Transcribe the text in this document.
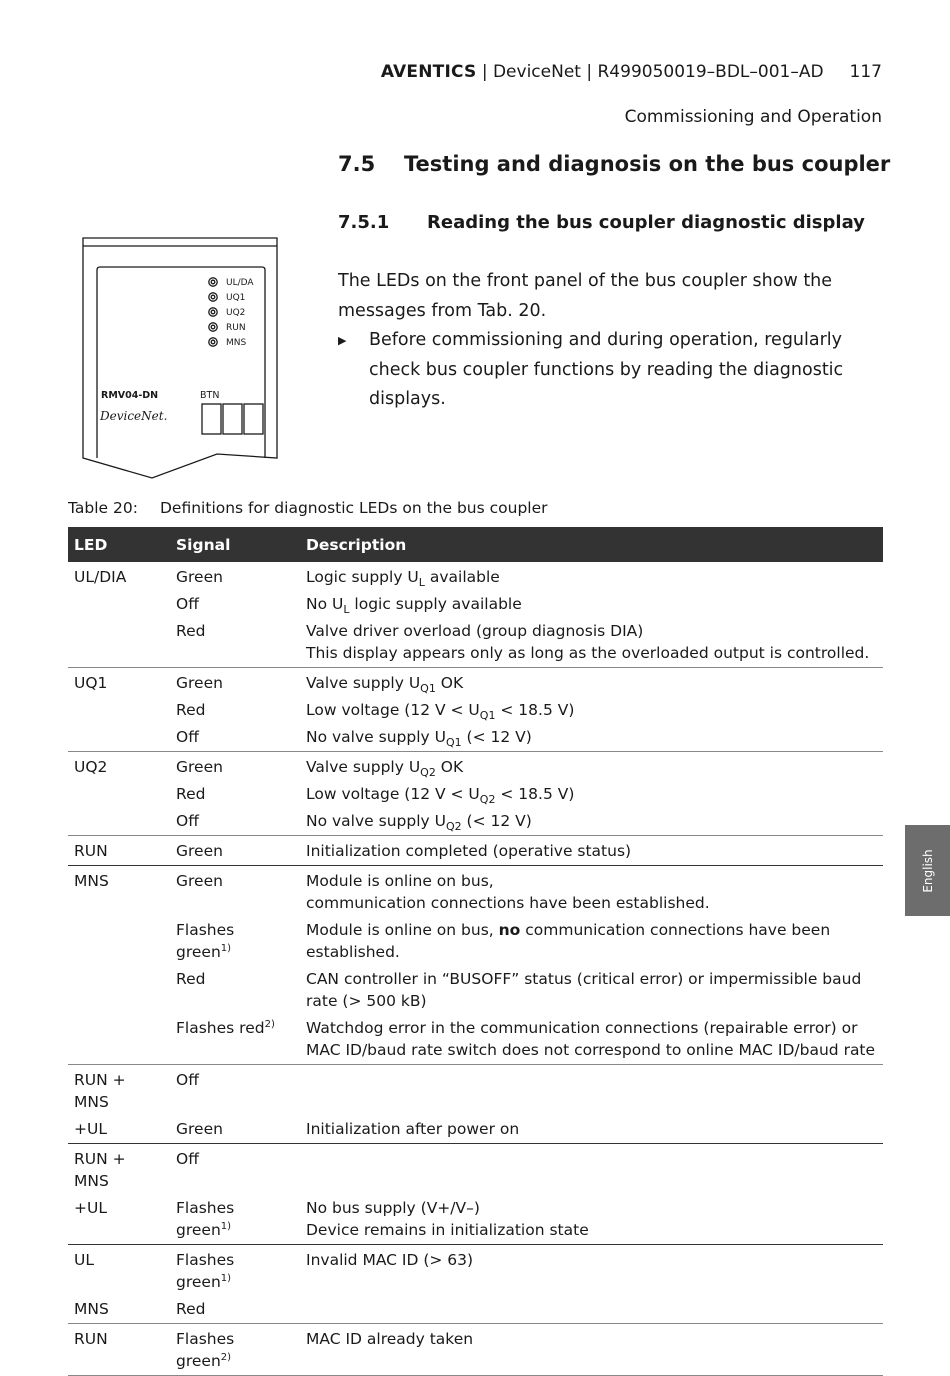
AVENTICS | DeviceNet | R499050019–BDL–001–AD 117
Commissioning and Operation
7.5 Testing and diagnosis on the bus coupler
7.5.1 Reading the bus coupler diagnostic display

The LEDs on the front panel of the bus coupler show the messages from Tab. 20.

▶ Before commissioning and during operation, regularly check bus coupler functions by reading the diagnostic displays.

UL/DA
UQ1
UQ2
RUN
MNS
RMV04-DN	BTN
DeviceNet.
Table 20: Definitions for diagnostic LEDs on the bus coupler
LED	Signal	Description
UL/DIA	Green	Logic supply $U_L$ available
	Off	No $U_L$ logic supply available
	Red	Valve driver overload (group diagnosis DIA)
This display appears only as long as the overloaded output is controlled.

UQ1	Green	Valve supply $U_{Q1}$ OK
	Red	Low voltage (12 $V < U_{Q1} < 18.5$ V)
	Off	No valve supply $U_{Q1}$ (< 12 V)
UQ2	Green	Valve supply $U_{Q2}$ OK
	Red	Low voltage (12 $V < U_{Q2} < 18.5$ V)
	Off	No valve supply $U_{Q2}$ (< 12 V)
RUN	Green	Initialization completed (operative status)

MNS	Green	Module is online on bus,
communication connections have been established.

	Flashes green$^{1)}$	Module is online on bus, no communication connections have been established.
	Red	CAN controller in “BUSOFF” status (critical error) or impermissible baud rate (> 500 kB)

	Flashes red$^{2)}$	Watchdog error in the communication connections (repairable error) or MAC ID/baud rate switch does not correspond to online MAC ID/baud rate

RUN + MNS	Off	

+UL	Green	Initialization after power on

RUN + MNS	Off	

+UL	Flashes green$^{1)}$	No bus supply (V+/V–)
Device remains in initialization state

UL	Flashes green$^{1)}$	Invalid MAC ID (> 63)

MNS	Red	

RUN	Flashes green$^{2)}$	MAC ID already taken
English
